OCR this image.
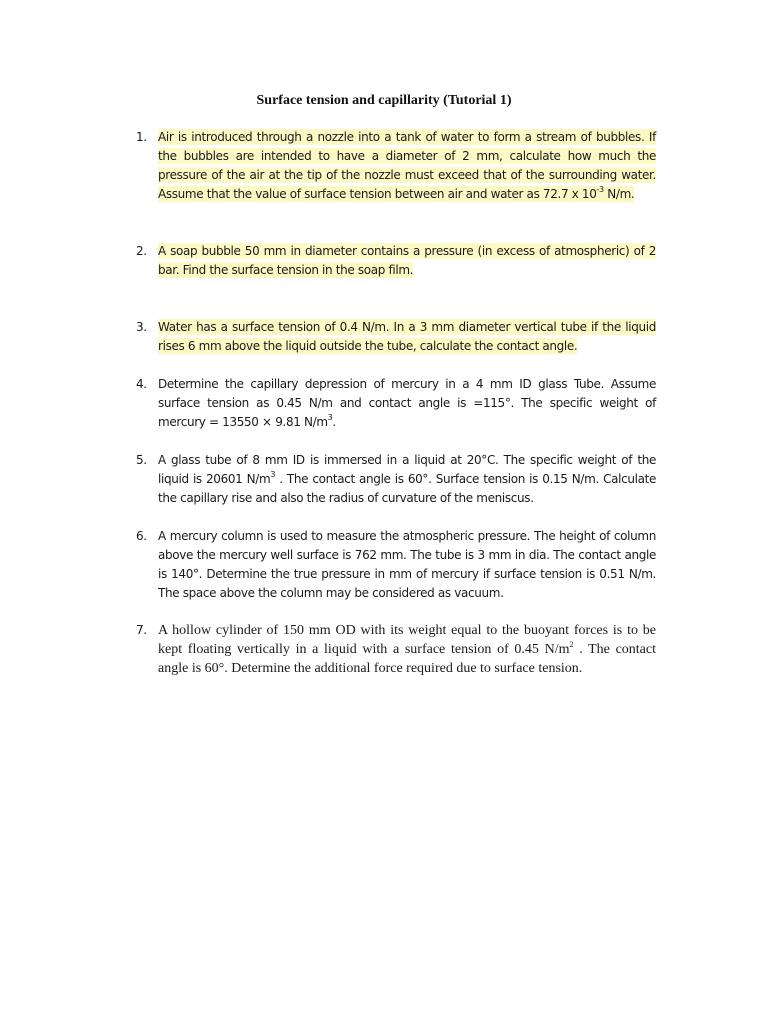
Surface tension and capillarity (Tutorial 1)
1. Air is introduced through a nozzle into a tank of water to form a stream of bubbles. If the bubbles are intended to have a diameter of 2 mm, calculate how much the pressure of the air at the tip of the nozzle must exceed that of the surrounding water. Assume that the value of surface tension between air and water as 72.7 x $10^{-3}$ N/m.
2. A soap bubble 50 mm in diameter contains a pressure (in excess of atmospheric) of 2 bar. Find the surface tension in the soap film.
3. Water has a surface tension of 0.4 N/m. In a 3 mm diameter vertical tube if the liquid rises 6 mm above the liquid outside the tube, calculate the contact angle.
4. Determine the capillary depression of mercury in a 4 mm ID glass Tube. Assume surface tension as 0.45 N/m and contact angle is =115°. The specific weight of mercury = 13550 × 9.81 $N/m^3$.
5. A glass tube of 8 mm ID is immersed in a liquid at 20°C. The specific weight of the liquid is 20601 $N/m^3$ . The contact angle is 60°. Surface tension is 0.15 N/m. Calculate the capillary rise and also the radius of curvature of the meniscus.
6. A mercury column is used to measure the atmospheric pressure. The height of column above the mercury well surface is 762 mm. The tube is 3 mm in dia. The contact angle is 140°. Determine the true pressure in mm of mercury if surface tension is 0.51 N/m. The space above the column may be considered as vacuum.
7. A hollow cylinder of 150 mm OD with its weight equal to the buoyant forces is to be kept floating vertically in a liquid with a surface tension of 0.45 $N/m^2$ . The contact angle is 60°. Determine the additional force required due to surface tension.
